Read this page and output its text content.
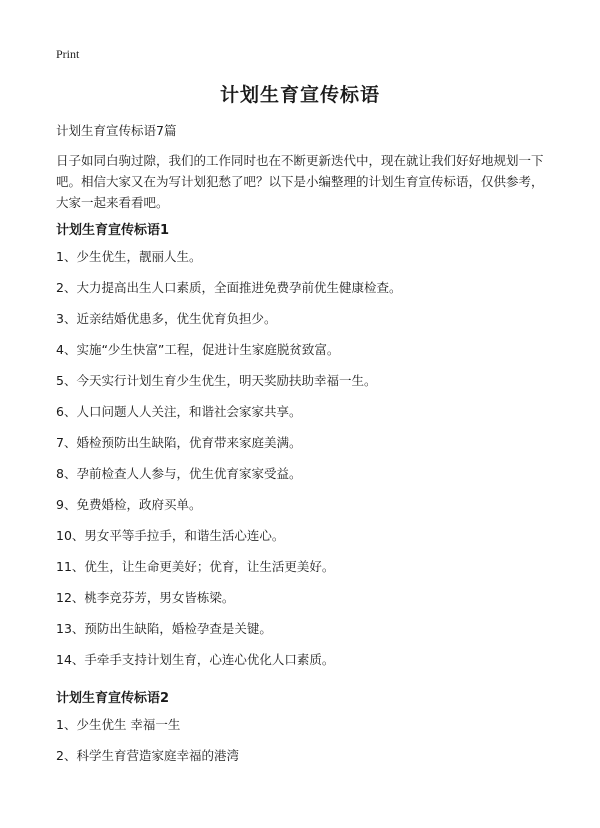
Print
计划生育宣传标语

计划生育宣传标语7篇

日子如同白驹过隙，我们的工作同时也在不断更新迭代中，现在就让我们好好地规划一下吧。相信大家又在为写计划犯愁了吧？以下是小编整理的计划生育宣传标语，仅供参考，大家一起来看看吧。

计划生育宣传标语1
1、少生优生，靓丽人生。
2、大力提高出生人口素质，全面推进免费孕前优生健康检查。
3、近亲结婚优患多，优生优育负担少。
4、实施“少生快富”工程，促进计生家庭脱贫致富。
5、今天实行计划生育少生优生，明天奖励扶助幸福一生。
6、人口问题人人关注，和谐社会家家共享。
7、婚检预防出生缺陷，优育带来家庭美满。
8、孕前检查人人参与，优生优育家家受益。
9、免费婚检，政府买单。
10、男女平等手拉手，和谐生活心连心。
11、优生，让生命更美好；优育，让生活更美好。
12、桃李竞芬芳，男女皆栋梁。
13、预防出生缺陷，婚检孕查是关键。
14、手牵手支持计划生育，心连心优化人口素质。
计划生育宣传标语2
1、少生优生 幸福一生
2、科学生育营造家庭幸福的港湾
